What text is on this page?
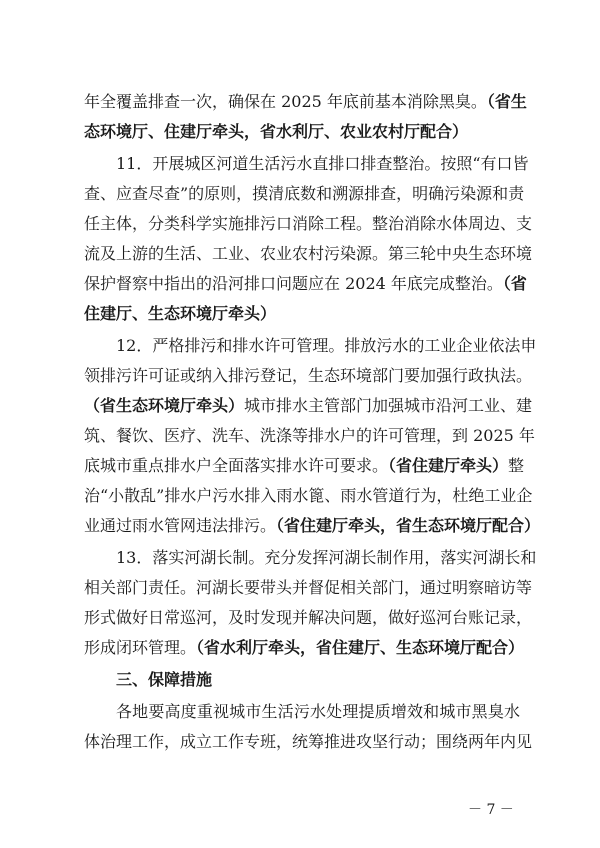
年全覆盖排查一次，确保在 2025 年底前基本消除黑臭。（省生
态环境厅、住建厅牵头，省水利厅、农业农村厅配合）
11．开展城区河道生活污水直排口排查整治。按照“有口皆
查、应查尽查”的原则，摸清底数和溯源排查，明确污染源和责
任主体，分类科学实施排污口消除工程。整治消除水体周边、支
流及上游的生活、工业、农业农村污染源。第三轮中央生态环境
保护督察中指出的沿河排口问题应在 2024 年底完成整治。（省
住建厅、生态环境厅牵头）
12．严格排污和排水许可管理。排放污水的工业企业依法申
领排污许可证或纳入排污登记，生态环境部门要加强行政执法。
（省生态环境厅牵头）城市排水主管部门加强城市沿河工业、建
筑、餐饮、医疗、洗车、洗涤等排水户的许可管理，到 2025 年
底城市重点排水户全面落实排水许可要求。（省住建厅牵头）整
治“小散乱”排水户污水排入雨水篦、雨水管道行为，杜绝工业企
业通过雨水管网违法排污。（省住建厅牵头，省生态环境厅配合）
13．落实河湖长制。充分发挥河湖长制作用，落实河湖长和
相关部门责任。河湖长要带头并督促相关部门，通过明察暗访等
形式做好日常巡河，及时发现并解决问题，做好巡河台账记录，
形成闭环管理。（省水利厅牵头，省住建厅、生态环境厅配合）
三、保障措施
各地要高度重视城市生活污水处理提质增效和城市黑臭水
体治理工作，成立工作专班，统筹推进攻坚行动；围绕两年内见
－ 7 －
